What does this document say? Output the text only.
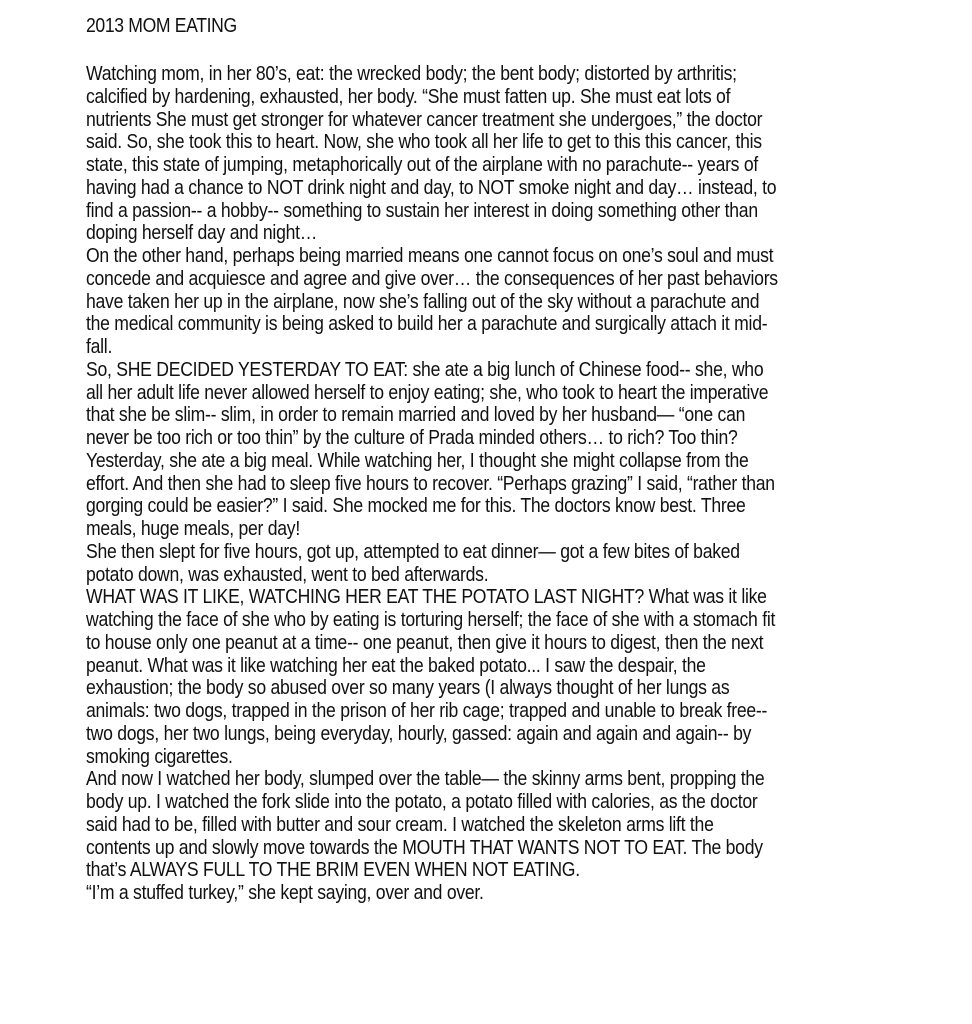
2013 MOM EATING

Watching mom, in her 80’s, eat: the wrecked body; the bent body; distorted by arthritis;
calcified by hardening, exhausted, her body. “She must fatten up. She must eat lots of
nutrients She must get stronger for whatever cancer treatment she undergoes,” the doctor
said. So, she took this to heart. Now, she who took all her life to get to this this cancer, this
state, this state of jumping, metaphorically out of the airplane with no parachute-- years of
having had a chance to NOT drink night and day, to NOT smoke night and day… instead, to
find a passion-- a hobby-- something to sustain her interest in doing something other than
doping herself day and night…

On the other hand, perhaps being married means one cannot focus on one’s soul and must
concede and acquiesce and agree and give over… the consequences of her past behaviors
have taken her up in the airplane, now she’s falling out of the sky without a parachute and
the medical community is being asked to build her a parachute and surgically attach it mid-
fall.

So, SHE DECIDED YESTERDAY TO EAT: she ate a big lunch of Chinese food-- she, who
all her adult life never allowed herself to enjoy eating; she, who took to heart the imperative
that she be slim-- slim, in order to remain married and loved by her husband— “one can
never be too rich or too thin” by the culture of Prada minded others… to rich? Too thin?
Yesterday, she ate a big meal. While watching her, I thought she might collapse from the
effort. And then she had to sleep five hours to recover. “Perhaps grazing” I said, “rather than
gorging could be easier?” I said. She mocked me for this. The doctors know best. Three
meals, huge meals, per day!

She then slept for five hours, got up, attempted to eat dinner— got a few bites of baked
potato down, was exhausted, went to bed afterwards.

WHAT WAS IT LIKE, WATCHING HER EAT THE POTATO LAST NIGHT? What was it like
watching the face of she who by eating is torturing herself; the face of she with a stomach fit
to house only one peanut at a time-- one peanut, then give it hours to digest, then the next
peanut. What was it like watching her eat the baked potato... I saw the despair, the
exhaustion; the body so abused over so many years (I always thought of her lungs as
animals: two dogs, trapped in the prison of her rib cage; trapped and unable to break free--
two dogs, her two lungs, being everyday, hourly, gassed: again and again and again-- by
smoking cigarettes.

And now I watched her body, slumped over the table— the skinny arms bent, propping the
body up. I watched the fork slide into the potato, a potato filled with calories, as the doctor
said had to be, filled with butter and sour cream. I watched the skeleton arms lift the
contents up and slowly move towards the MOUTH THAT WANTS NOT TO EAT. The body
that’s ALWAYS FULL TO THE BRIM EVEN WHEN NOT EATING.

“I’m a stuffed turkey,” she kept saying, over and over.
